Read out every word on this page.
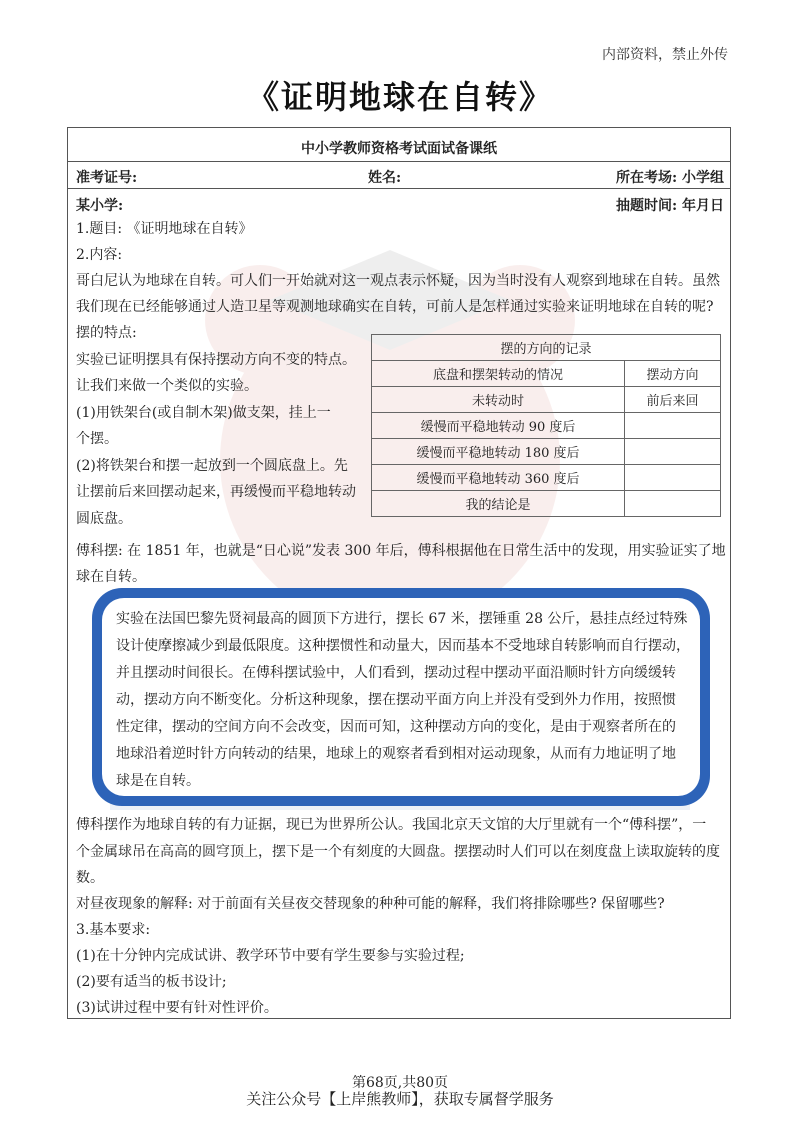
内部资料，禁止外传
《证明地球在自转》
中小学教师资格考试面试备课纸
准考证号:	姓名:	所在考场: 小学组
某小学:	抽题时间: 年月日
1.题目: 《证明地球在自转》
2.内容:
哥白尼认为地球在自转。可人们一开始就对这一观点表示怀疑，因为当时没有人观察到地球在自转。虽然
我们现在已经能够通过人造卫星等观测地球确实在自转，可前人是怎样通过实验来证明地球在自转的呢?
摆的特点:
实验已证明摆具有保持摆动方向不变的特点。
让我们来做一个类似的实验。
(1)用铁架台(或自制木架)做支架，挂上一
个摆。
(2)将铁架台和摆一起放到一个圆底盘上。先
让摆前后来回摆动起来，再缓慢而平稳地转动
圆底盘。
摆的方向的记录	
底盘和摆架转动的情况	摆动方向
未转动时	前后来回
缓慢而平稳地转动 90 度后	
缓慢而平稳地转动 180 度后	
缓慢而平稳地转动 360 度后	
我的结论是	
傅科摆: 在 1851 年，也就是“日心说”发表 300 年后，傅科根据他在日常生活中的发现，用实验证实了地
球在自转。
实验在法国巴黎先贤祠最高的圆顶下方进行，摆长 67 米，摆锤重 28 公斤，悬挂点经过特殊
设计使摩擦减少到最低限度。这种摆惯性和动量大，因而基本不受地球自转影响而自行摆动，
并且摆动时间很长。在傅科摆试验中，人们看到，摆动过程中摆动平面沿顺时针方向缓缓转
动，摆动方向不断变化。分析这种现象，摆在摆动平面方向上并没有受到外力作用，按照惯
性定律，摆动的空间方向不会改变，因而可知，这种摆动方向的变化，是由于观察者所在的
地球沿着逆时针方向转动的结果，地球上的观察者看到相对运动现象，从而有力地证明了地
球是在自转。
傅科摆作为地球自转的有力证据，现已为世界所公认。我国北京天文馆的大厅里就有一个“傅科摆”，一
个金属球吊在高高的圆穹顶上，摆下是一个有刻度的大圆盘。摆摆动时人们可以在刻度盘上读取旋转的度
数。
对昼夜现象的解释: 对于前面有关昼夜交替现象的种种可能的解释，我们将排除哪些? 保留哪些?
3.基本要求:
(1)在十分钟内完成试讲、教学环节中要有学生要参与实验过程;
(2)要有适当的板书设计;
(3)试讲过程中要有针对性评价。
第68页,共80页
关注公众号【上岸熊教师】，获取专属督学服务
